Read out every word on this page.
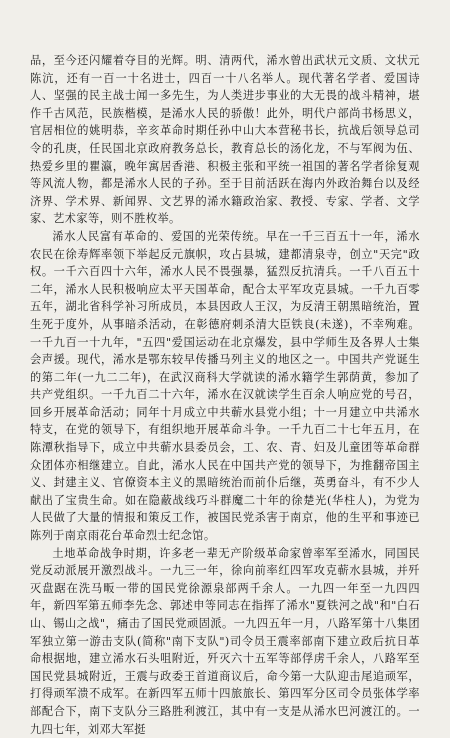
品，至今还闪耀着夺目的光辉。明、清两代，浠水曾出武状元文质、文状元陈沆，还有一百一十名进士，四百一十八名举人。现代著名学者、爱国诗人、坚强的民主战士闻一多先生，为人类进步事业的大无畏的战斗精神，堪作千古风范，民族楷模，是浠水人民的骄傲！此外，明代户部尚书杨思义，官居相位的姚明恭，辛亥革命时期任孙中山大本营秘书长，抗战后领导总司令的孔庚，任民国北京政府教务总长，教育总长的汤化龙，不与军阀为伍、热爱乡里的瞿瀛，晚年寓居香港、积极主张和平统一祖国的著名学者徐复观等风流人物，都是浠水人民的子孙。至于目前活跃在海内外政治舞台以及经济界、学术界、新闻界、文艺界的浠水籍政治家、教授、专家、学者、文学家、艺术家等，则不胜枚举。

浠水人民富有革命的、爱国的光荣传统。早在一千三百五十一年，浠水农民在徐寿辉率领下举起反元旗帜，攻占县城，建都清泉寺，创立"天完"政权。一千六百四十六年，浠水人民不畏强暴，猛烈反抗清兵。一千八百五十二年，浠水人民积极响应太平天国革命，配合太平军攻克县城。一千九百零五年，湖北省科学补习所成员，本县因政人王汉，为反清王朝黑暗统治，置生死于度外，从事暗杀活动，在彰德府刺杀清大臣铁良(未遂)，不幸殉难。一千九百一十九年，"五四"爱国运动在北京爆发，县中学师生及各界人士集会声援。现代，浠水是鄂东较早传播马列主义的地区之一。中国共产党诞生的第二年(一九二二年)，在武汉商科大学就读的浠水籍学生郭荫黄，参加了共产党组织。一千九百二十六年，浠水在汉就读学生百余人响应党的号召，回乡开展革命活动；同年十月成立中共蕲水县党小组；十一月建立中共浠水特支，在党的领导下，有组织地开展革命斗争。一千九百二十七年五月，在陈潭秋指导下，成立中共蕲水县委员会，工、农、青、妇及儿童团等革命群众团体亦相继建立。自此，浠水人民在中国共产党的领导下，为推翻帝国主义、封建主义、官僚资本主义的黑暗统治而前仆后继，英勇奋斗，有不少人献出了宝贵生命。如在隐蔽战线巧斗群魔二十年的徐楚光(华柱人)，为党为人民做了大量的情报和策反工作，被国民党杀害于南京，他的生平和事迹已陈列于南京雨花台革命烈士纪念馆。

土地革命战争时期，许多老一辈无产阶级革命家曾率军至浠水，同国民党反动派展开激烈战斗。一九三一年，徐向前率红四军攻克蕲水县城，并歼灭盘踞在洗马畈一带的国民党徐源泉部两千余人。一九四一年至一九四四年，新四军第五师李先念、郭述申等同志在指挥了浠水"夏铁河之战"和"白石山、锡山之战"，痛击了国民党顽固派。一九四五年一月，八路军第十八集团军独立第一游击支队(简称"南下支队")司令员王震率部南下建立政后抗日革命根据地，建立浠水石头咀附近，歼灭六十五军等部俘虏千余人，八路军至国民党县城附近，王震与政委王首道商议后，命今第一大队迎击尾追顽军，打得顽军溃不成军。在新四军五师十四旅旅长、第四军分区司令员张体学率部配合下，南下支队分三路胜利渡江，其中有一支是从浠水巴河渡江的。一九四七年，刘邓大军挺
